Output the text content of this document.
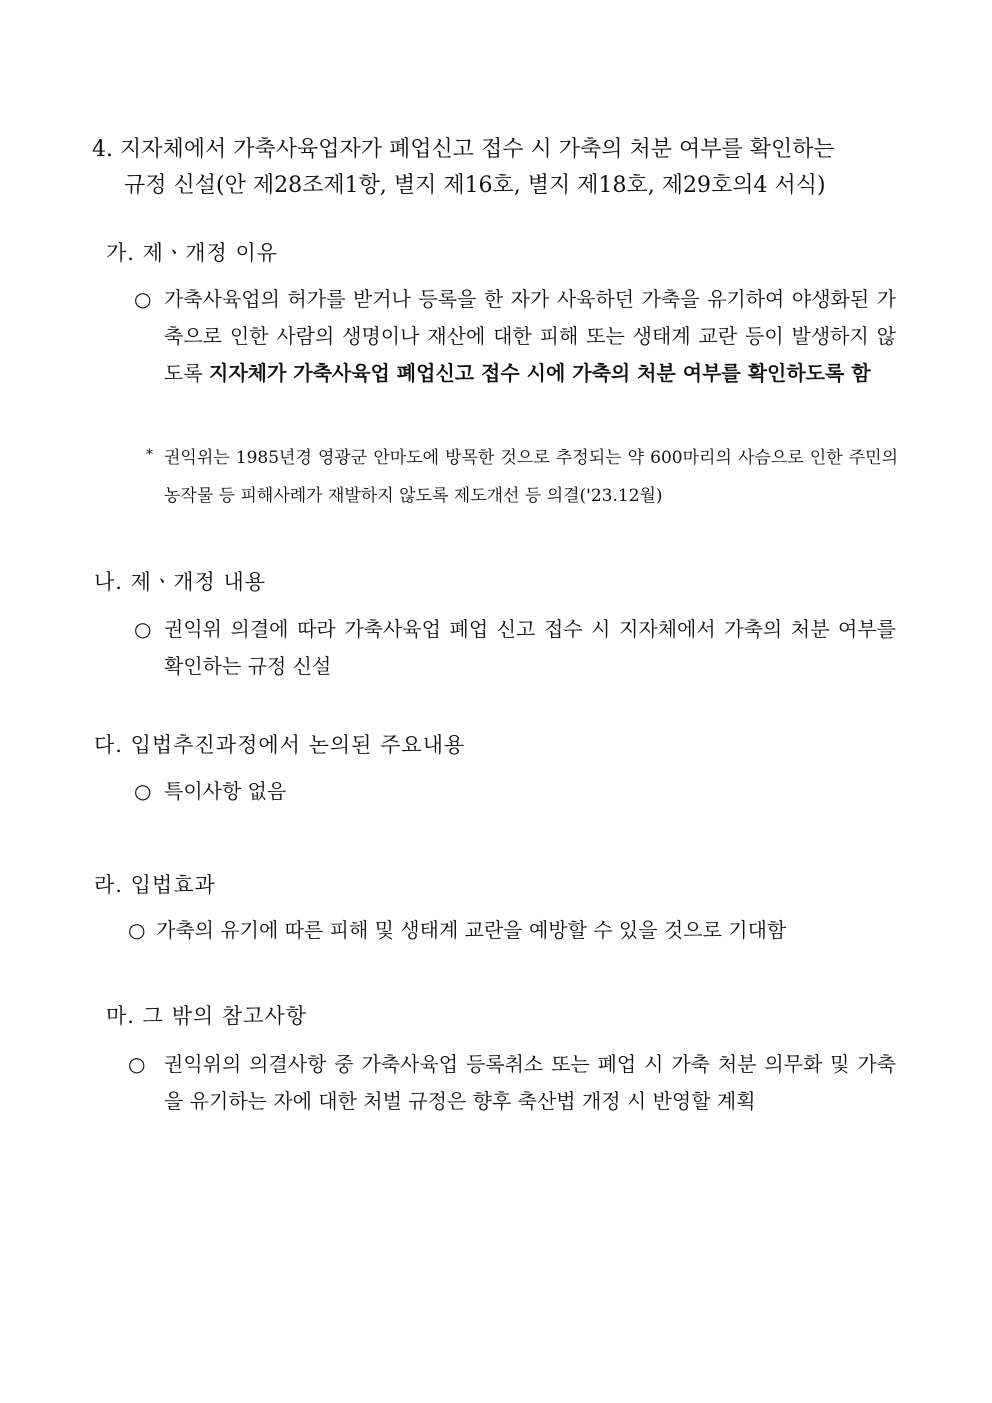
4. 지자체에서 가축사육업자가 폐업신고 접수 시 가축의 처분 여부를 확인하는
규정 신설(안 제28조제1항, 별지 제16호, 별지 제18호, 제29호의4 서식)
가. 제ㆍ개정 이유
○ 가축사육업의 허가를 받거나 등록을 한 자가 사육하던 가축을 유기하여 야생화된 가축으로 인한 사람의 생명이나 재산에 대한 피해 또는 생태계 교란 등이 발생하지 않도록 지자체가 가축사육업 폐업신고 접수 시에 가축의 처분 여부를 확인하도록 함
* 권익위는 1985년경 영광군 안마도에 방목한 것으로 추정되는 약 600마리의 사슴으로 인한 주민의 농작물 등 피해사례가 재발하지 않도록 제도개선 등 의결('23.12월)
나. 제ㆍ개정 내용
○ 권익위 의결에 따라 가축사육업 폐업 신고 접수 시 지자체에서 가축의 처분 여부를 확인하는 규정 신설
다. 입법추진과정에서 논의된 주요내용
○ 특이사항 없음
라. 입법효과
○ 가축의 유기에 따른 피해 및 생태계 교란을 예방할 수 있을 것으로 기대함
마. 그 밖의 참고사항
○ 권익위의 의결사항 중 가축사육업 등록취소 또는 폐업 시 가축 처분 의무화 및 가축을 유기하는 자에 대한 처벌 규정은 향후 축산법 개정 시 반영할 계획
